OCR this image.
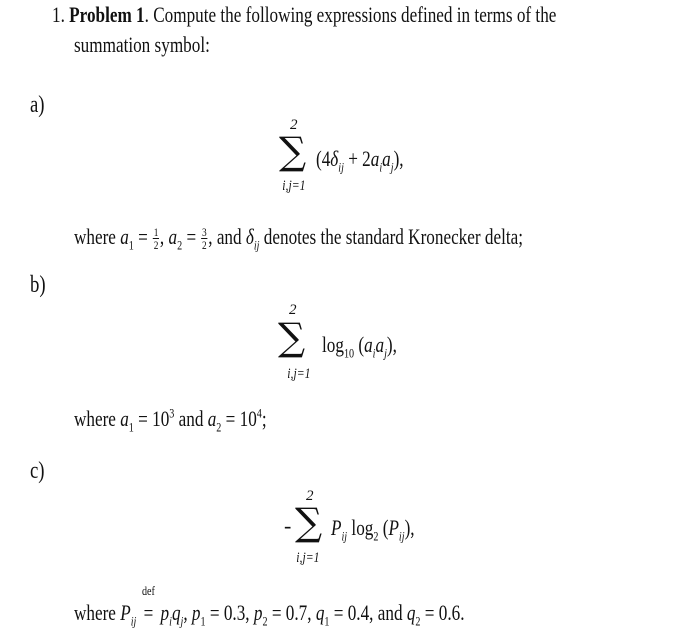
1. Problem 1. Compute the following expressions defined in terms of the
summation symbol:
a)
2
∑
i,j=1
$(4\delta_{ij} + 2a_ia_j)$,
where $a_1 = \frac{1}{2}$ , $a_2 = \frac{3}{2}$ , and $\delta_{ij}$ denotes the standard Kronecker delta;
b)
2
∑
i,j=1
$\log_{10} (a_ia_j)$,
where $a_1 = 10^3$ and $a_2 = 10^4$;
c)
2
- ∑
i,j=1
$P_{ij}$ $\log_2 (P_{ij})$,
where $P_{ij}$
def
= $p_iq_j$, $p_1 = 0.3$, $p_2 = 0.7$, $q_1 = 0.4$, and $q_2 = 0.6$.
